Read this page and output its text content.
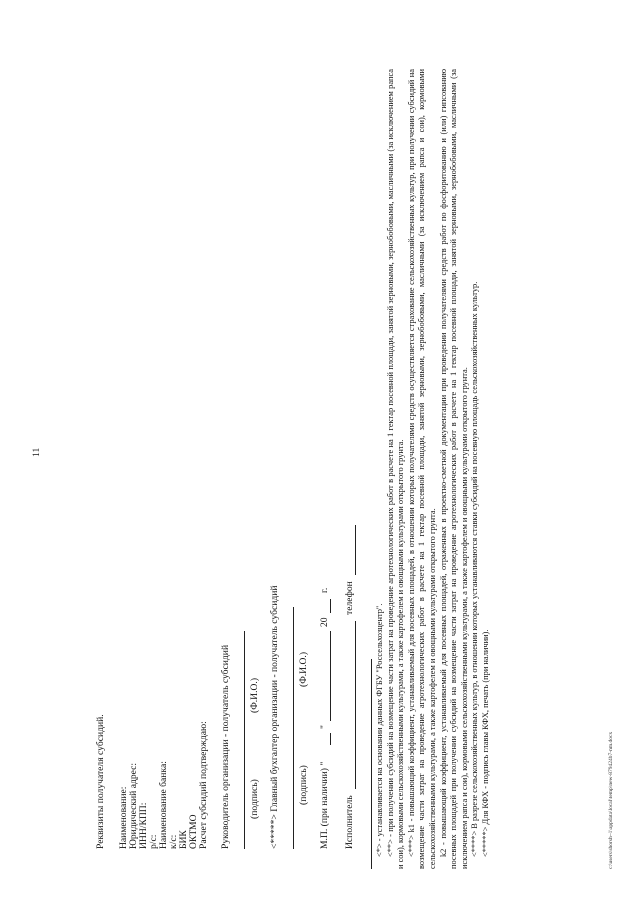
11
Реквизиты получателя субсидий. Наименование: Юридический адрес: ИНН/КПП: р/с: Наименование банка: к/с: БИК ОКТМО Расчет субсидий подтверждаю: Руководитель организации - получатель субсидий (подпись)
(Ф.И.О.) <*****> Главный бухгалтер организации - получатель субсидий (подпись)
(Ф.И.О.)
М.П. (при наличии) "
"
20
г.
Исполнитель
телефон

<*> - устанавливается на основании данных ФГБУ "Россельхозцентр". <**> - при получении субсидий на возмещение части затрат на проведение агротехнологических работ в расчете на 1 гектар посевной площади, занятой зерновыми, зернобобовыми, масличными (за исключением рапса и сои), кормовыми сельскохозяйственными культурами, а также картофелем и овощными культурами открытого грунта. <***> k1 - повышающий коэффициент, устанавливаемый для посевных площадей, в отношении которых получателями средств осуществляется страхование сельскохозяйственных культур, при получении субсидий на возмещение части затрат на проведение агротехнологических работ в расчете на 1 гектар посевной площади, занятой зерновыми, зернобобовыми, масличными (за исключением рапса и сои), кормовыми сельскохозяйственными культурами, а также картофелем и овощными культурами открытого грунта. k2 - повышающий коэффициент, устанавливаемый для посевных площадей, отраженных в проектно-сметной документации при проведении получателями средств работ по фосфоритованию и (или) гипсованию посевных площадей при получении субсидий на возмещение части затрат на проведение агротехнологических работ в расчете на 1 гектар посевной площади, занятой зерновыми, зернобобовыми, масличными (за исключением рапса и сои), кормовыми сельскохозяйственными культурами, а также картофелем и овощными культурами открытого грунта. <****> В разрезе сельскохозяйственных культур, в отношении которых устанавливаются ставки субсидий на посевную площадь сельскохозяйственных культур. <*****> Для КФХ - подпись главы КФХ, печать (при наличии).	c:\users\shorsh~1\appdata\local\temp\new-879424b7-nm.docx
